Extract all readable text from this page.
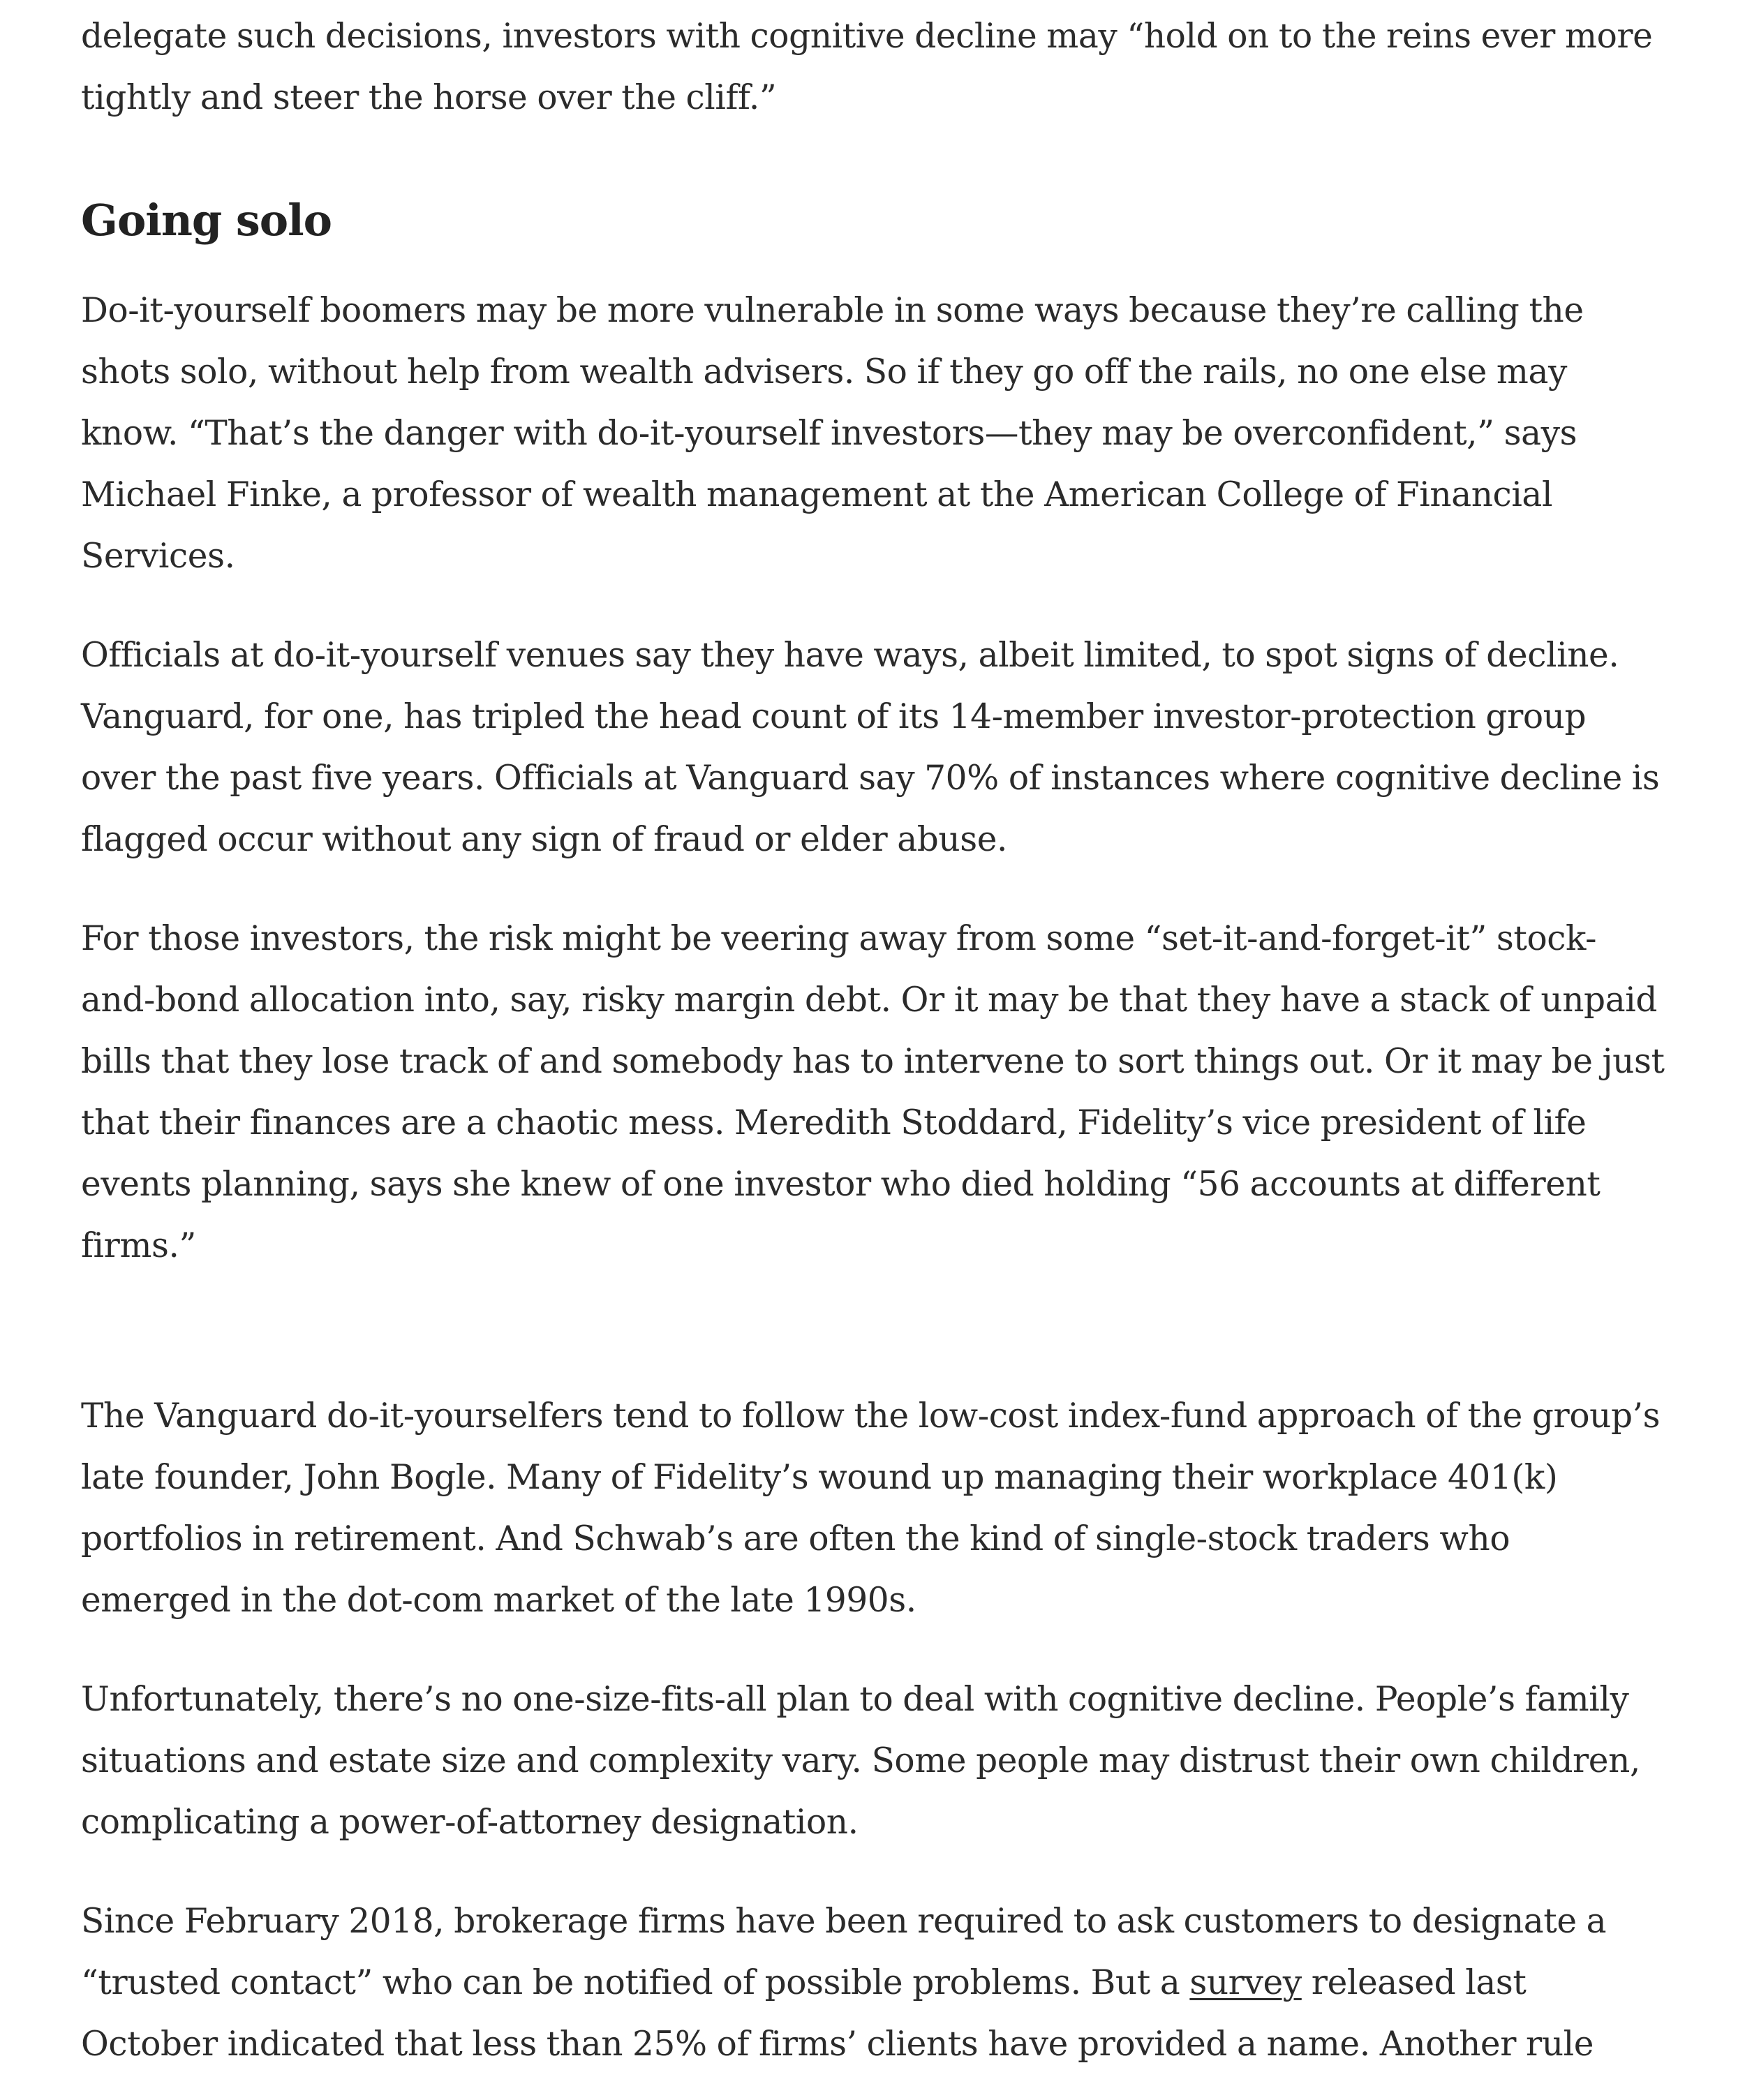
delegate such decisions, investors with cognitive decline may “hold on to the reins ever more tightly and steer the horse over the cliff.”

Going solo

Do-it-yourself boomers may be more vulnerable in some ways because they’re calling the shots solo, without help from wealth advisers. So if they go off the rails, no one else may know. “That’s the danger with do-it-yourself investors—they may be overconfident,” says Michael Finke, a professor of wealth management at the American College of Financial Services.

Officials at do-it-yourself venues say they have ways, albeit limited, to spot signs of decline. Vanguard, for one, has tripled the head count of its 14-member investor-protection group over the past five years. Officials at Vanguard say 70% of instances where cognitive decline is flagged occur without any sign of fraud or elder abuse.

For those investors, the risk might be veering away from some “set-it-and-forget-it” stock-and-bond allocation into, say, risky margin debt. Or it may be that they have a stack of unpaid bills that they lose track of and somebody has to intervene to sort things out. Or it may be just that their finances are a chaotic mess. Meredith Stoddard, Fidelity’s vice president of life events planning, says she knew of one investor who died holding “56 accounts at different firms.”

The Vanguard do-it-yourselfers tend to follow the low-cost index-fund approach of the group’s late founder, John Bogle. Many of Fidelity’s wound up managing their workplace 401(k) portfolios in retirement. And Schwab’s are often the kind of single-stock traders who emerged in the dot-com market of the late 1990s.

Unfortunately, there’s no one-size-fits-all plan to deal with cognitive decline. People’s family situations and estate size and complexity vary. Some people may distrust their own children, complicating a power-of-attorney designation.

Since February 2018, brokerage firms have been required to ask customers to designate a “trusted contact” who can be notified of possible problems. But a survey released last October indicated that less than 25% of firms’ clients have provided a name. Another rule
